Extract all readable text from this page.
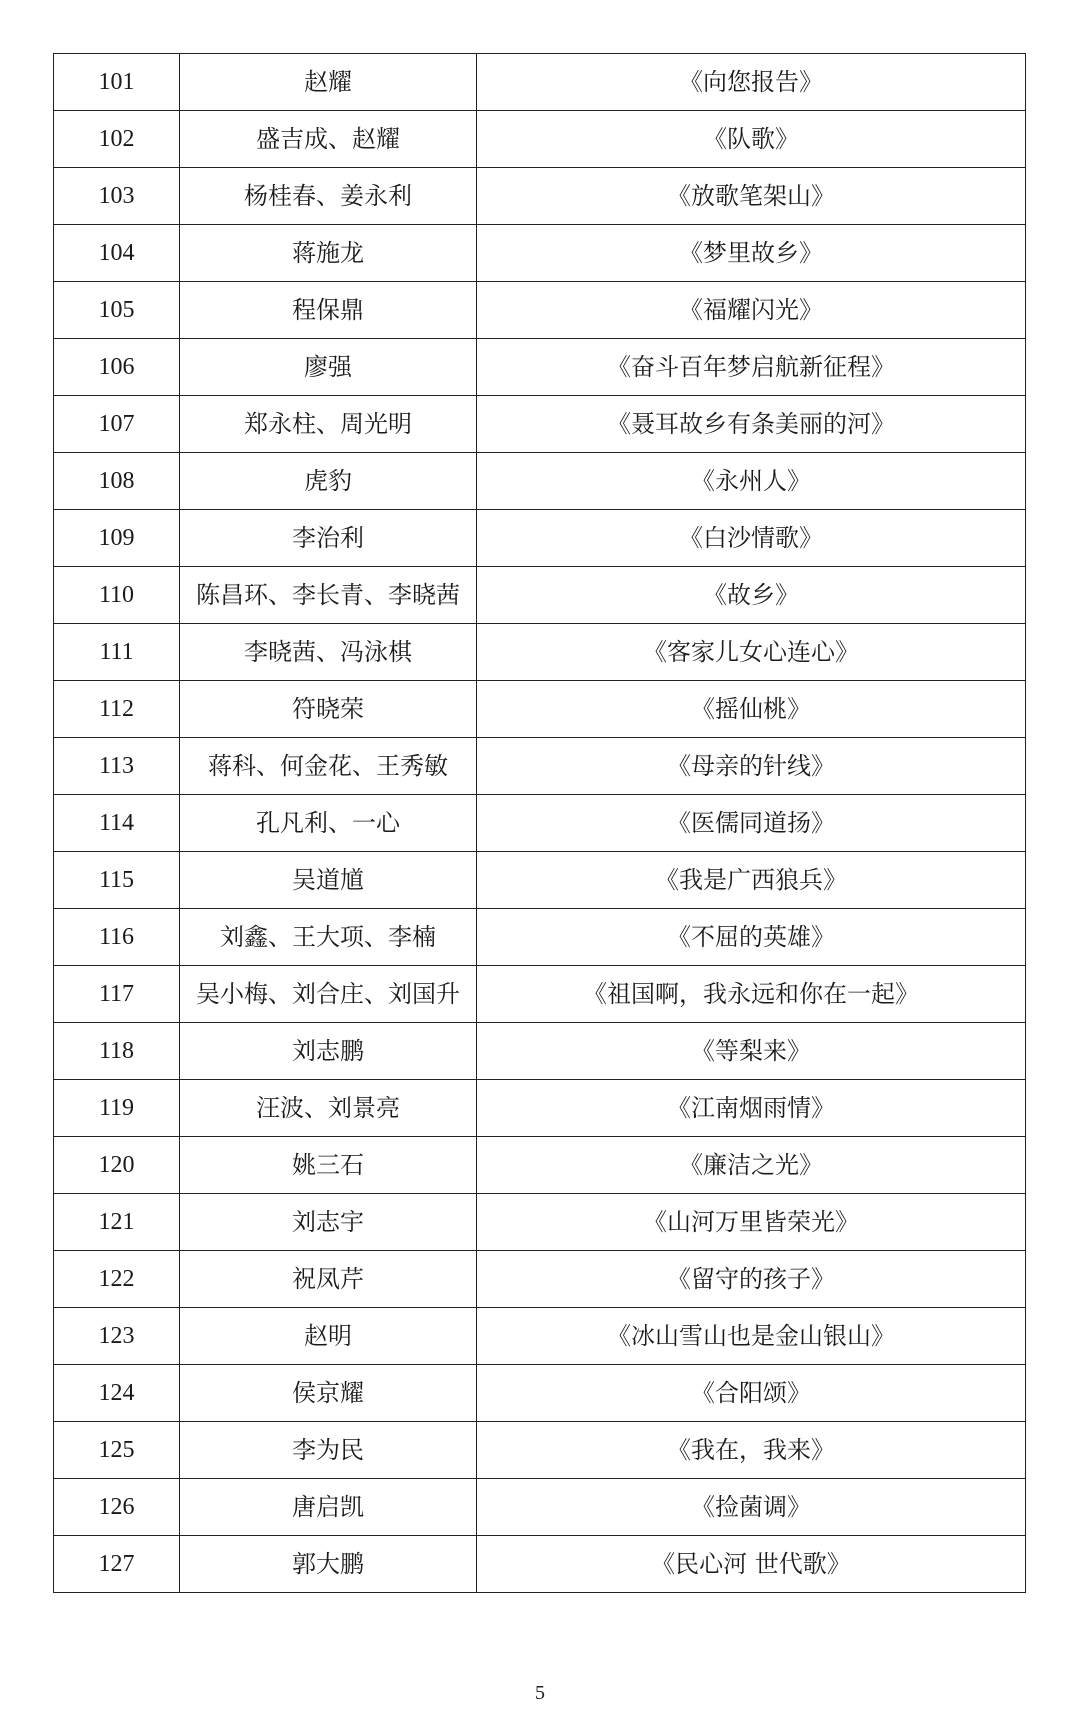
101	赵耀	《向您报告》
102	盛吉成、赵耀	《队歌》
103	杨桂春、姜永利	《放歌笔架山》
104	蒋施龙	《梦里故乡》
105	程保鼎	《福耀闪光》
106	廖强	《奋斗百年梦启航新征程》
107	郑永柱、周光明	《聂耳故乡有条美丽的河》
108	虎豹	《永州人》
109	李治利	《白沙情歌》
110	陈昌环、李长青、李晓茜	《故乡》
111	李晓茜、冯泳棋	《客家儿女心连心》
112	符晓荣	《摇仙桃》
113	蒋科、何金花、王秀敏	《母亲的针线》
114	孔凡利、一心	《医儒同道扬》
115	吴道馗	《我是广西狼兵》
116	刘鑫、王大项、李楠	《不屈的英雄》
117	吴小梅、刘合庄、刘国升	《祖国啊，我永远和你在一起》
118	刘志鹏	《等梨来》
119	汪波、刘景亮	《江南烟雨情》
120	姚三石	《廉洁之光》
121	刘志宇	《山河万里皆荣光》
122	祝凤芹	《留守的孩子》
123	赵明	《冰山雪山也是金山银山》
124	侯京耀	《合阳颂》
125	李为民	《我在，我来》
126	唐启凯	《捡菌调》
127	郭大鹏	《民心河 世代歌》
5
